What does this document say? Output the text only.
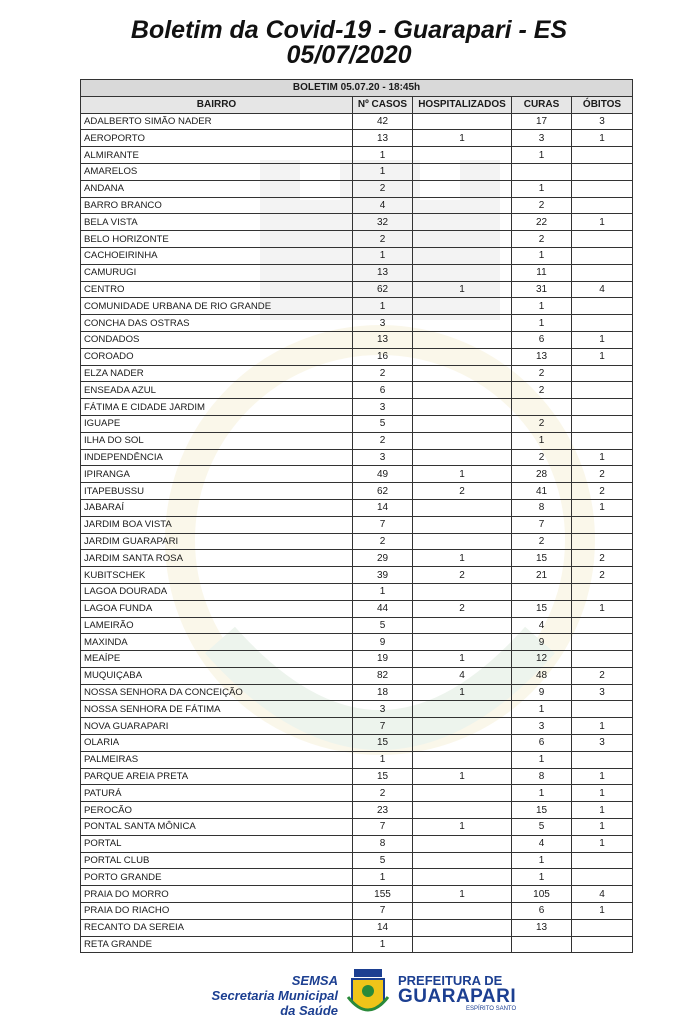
Boletim da Covid-19 - Guarapari - ES
05/07/2020
BOLETIM 05.07.20 - 18:45h				
BAIRRO	Nº CASOS	HOSPITALIZADOS	CURAS	ÓBITOS
ADALBERTO SIMÃO NADER	42		17	3
AEROPORTO	13	1	3	1
ALMIRANTE	1		1	
AMARELOS	1			
ANDANA	2		1	
BARRO BRANCO	4		2	
BELA VISTA	32		22	1
BELO HORIZONTE	2		2	
CACHOEIRINHA	1		1	
CAMURUGI	13		11	
CENTRO	62	1	31	4
COMUNIDADE URBANA DE RIO GRANDE	1		1	
CONCHA DAS OSTRAS	3		1	
CONDADOS	13		6	1
COROADO	16		13	1
ELZA NADER	2		2	
ENSEADA AZUL	6		2	
FÁTIMA E CIDADE JARDIM	3			
IGUAPE	5		2	
ILHA DO SOL	2		1	
INDEPENDÊNCIA	3		2	1
IPIRANGA	49	1	28	2
ITAPEBUSSU	62	2	41	2
JABARAÍ	14		8	1
JARDIM BOA VISTA	7		7	
JARDIM GUARAPARI	2		2	
JARDIM SANTA ROSA	29	1	15	2
KUBITSCHEK	39	2	21	2
LAGOA DOURADA	1			
LAGOA FUNDA	44	2	15	1
LAMEIRÃO	5		4	
MAXINDA	9		9	
MEAÍPE	19	1	12	
MUQUIÇABA	82	4	48	2
NOSSA SENHORA DA CONCEIÇÃO	18	1	9	3
NOSSA SENHORA DE FÁTIMA	3		1	
NOVA GUARAPARI	7		3	1
OLARIA	15		6	3
PALMEIRAS	1		1	
PARQUE AREIA PRETA	15	1	8	1
PATURÁ	2		1	1
PEROCÃO	23		15	1
PONTAL SANTA MÔNICA	7	1	5	1
PORTAL	8		4	1
PORTAL CLUB	5		1	
PORTO GRANDE	1		1	
PRAIA DO MORRO	155	1	105	4
PRAIA DO RIACHO	7		6	1
RECANTO DA SEREIA	14		13	
RETA GRANDE	1			
SEMSA
Secretaria Municipal
da Saúde
PREFEITURA DE
GUARAPARI
ESPÍRITO SANTO
